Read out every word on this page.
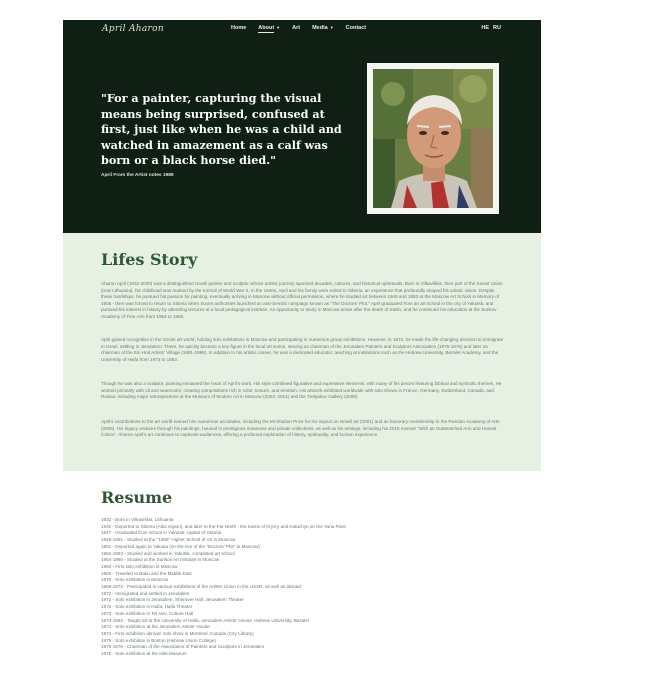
April Aharon	Home About ▼ Art Media ▼ Contact	HE RU
"For a painter, capturing the visual means being surprised, confused at first, just like when he was a child and watched in amazement as a calf was born or a black horse died."
April From the Artist notes 1989
Lifes Story

Aharon April (1932-2020) was a distinguished Israeli painter and sculptor whose artistic journey spanned decades, cultures, and historical upheavals. Born in Vilkaviškis, then part of the Soviet Union (now Lithuania), his childhood was marked by the turmoil of World War II. In the 1940s, April and his family were exiled to Siberia, an experience that profoundly shaped his artistic vision. Despite these hardships, he pursued his passion for painting, eventually arriving in Moscow without official permission, where he studied art between 1949 and 1953 at the Moscow Art School in Memory of 1905 - then was forced to return to Siberia when Soviet authorities launched an anti-Semitic campaign known as "The Doctors' Plot." April graduated from an art school in the city of Yakutsk, and pursued his interest in history by attending lectures at a local pedagogical institute. An opportunity to study in Moscow arose after the death of Stalin, and he continued his education at the Surikov Academy of Fine Arts from 1954 to 1960.

April gained recognition in the Soviet art world, holding solo exhibitions in Moscow and participating in numerous group exhibitions. However, in 1972, he made the life-changing decision to immigrate to Israel, settling in Jerusalem. There, he quickly became a key figure in the local art scene, serving as chairman of the Jerusalem Painters and Sculptors Association (1975-1976) and later as chairman of the Ein Hod Artists' Village (1991-1998). In addition to his artistic career, he was a dedicated educator, teaching at institutions such as the Hebrew University, Bezalel Academy, and the University of Haifa from 1973 to 1983.

Though he was also a sculptor, painting remained the heart of April's work. His style combined figurative and expressive elements, with many of his pieces featuring biblical and symbolic themes. He worked primarily with oil and watercolor, creating compositions rich in color, texture, and emotion. His artwork exhibited worldwide with solo shows in France, Germany, Switzerland, Canada, and Russia, including major retrospectives at the Museum of Modern Art in Moscow (2002; 2014) and the Tretyakov Gallery (2006).

April's contributions to the art world earned him numerous accolades, including the Mi-Shalom Prize for his impact on Israeli art (2001) and an honorary membership in the Russian Academy of Arts (2005). His legacy endures through his paintings, housed in prestigious museums and private collections, as well as his writings, including his 2016 memoir "With an Outstretched Arm and Honest Colors". Aharon April's art continues to captivate audiences, offering a profound exploration of history, spirituality, and human experience.

Resume
1932 - Born in Vilkaviškis, Lithuania
1942 - Deported to Siberia (Altai region), and later to the Far North - the towns of Kryvry and Katachyn on the Yana River
1947 - Graduated from school in Yakutsk, capital of Yakutia
1949-1951 - Studied at the "1905" Higher School of Art in Moscow
1951 - Deported again to Yakutia (on the eve of the "Doctors' Plot" in Moscow)
1951-1953 - Studied and worked in Yakutsk, completed art school
1954-1960 - Studied at the Surikov Art Institute in Moscow
1963 - First solo exhibition in Moscow
1965 - Traveled to Baku and the Middle East
1970 - Solo exhibition in Moscow
1968-1972 - Participated in various exhibitions of the Artists' Union in the USSR, as well as abroad
1972 - Immigrated and settled in Jerusalem
1973 - Solo exhibition in Jerusalem, Sherover Hall, Jerusalem Theater
1973 - Solo exhibition in Haifa, Haifa Theater
1973 - Solo exhibition in Tel Aviv, Culture Hall
1973-1983 - Taught art at the University of Haifa, Jerusalem Artists' House, Hebrew University, Bezalel
1974 - Solo exhibition at the Jerusalem Artists' House
1974 - First exhibition abroad: solo show in Montreal, Canada (City Library)
1975 - Solo exhibition in Boston (Hebrew Union College)
1975-1976 - Chairman of the Association of Painters and Sculptors in Jerusalem
1976 - Solo exhibition at the Islet Museum
